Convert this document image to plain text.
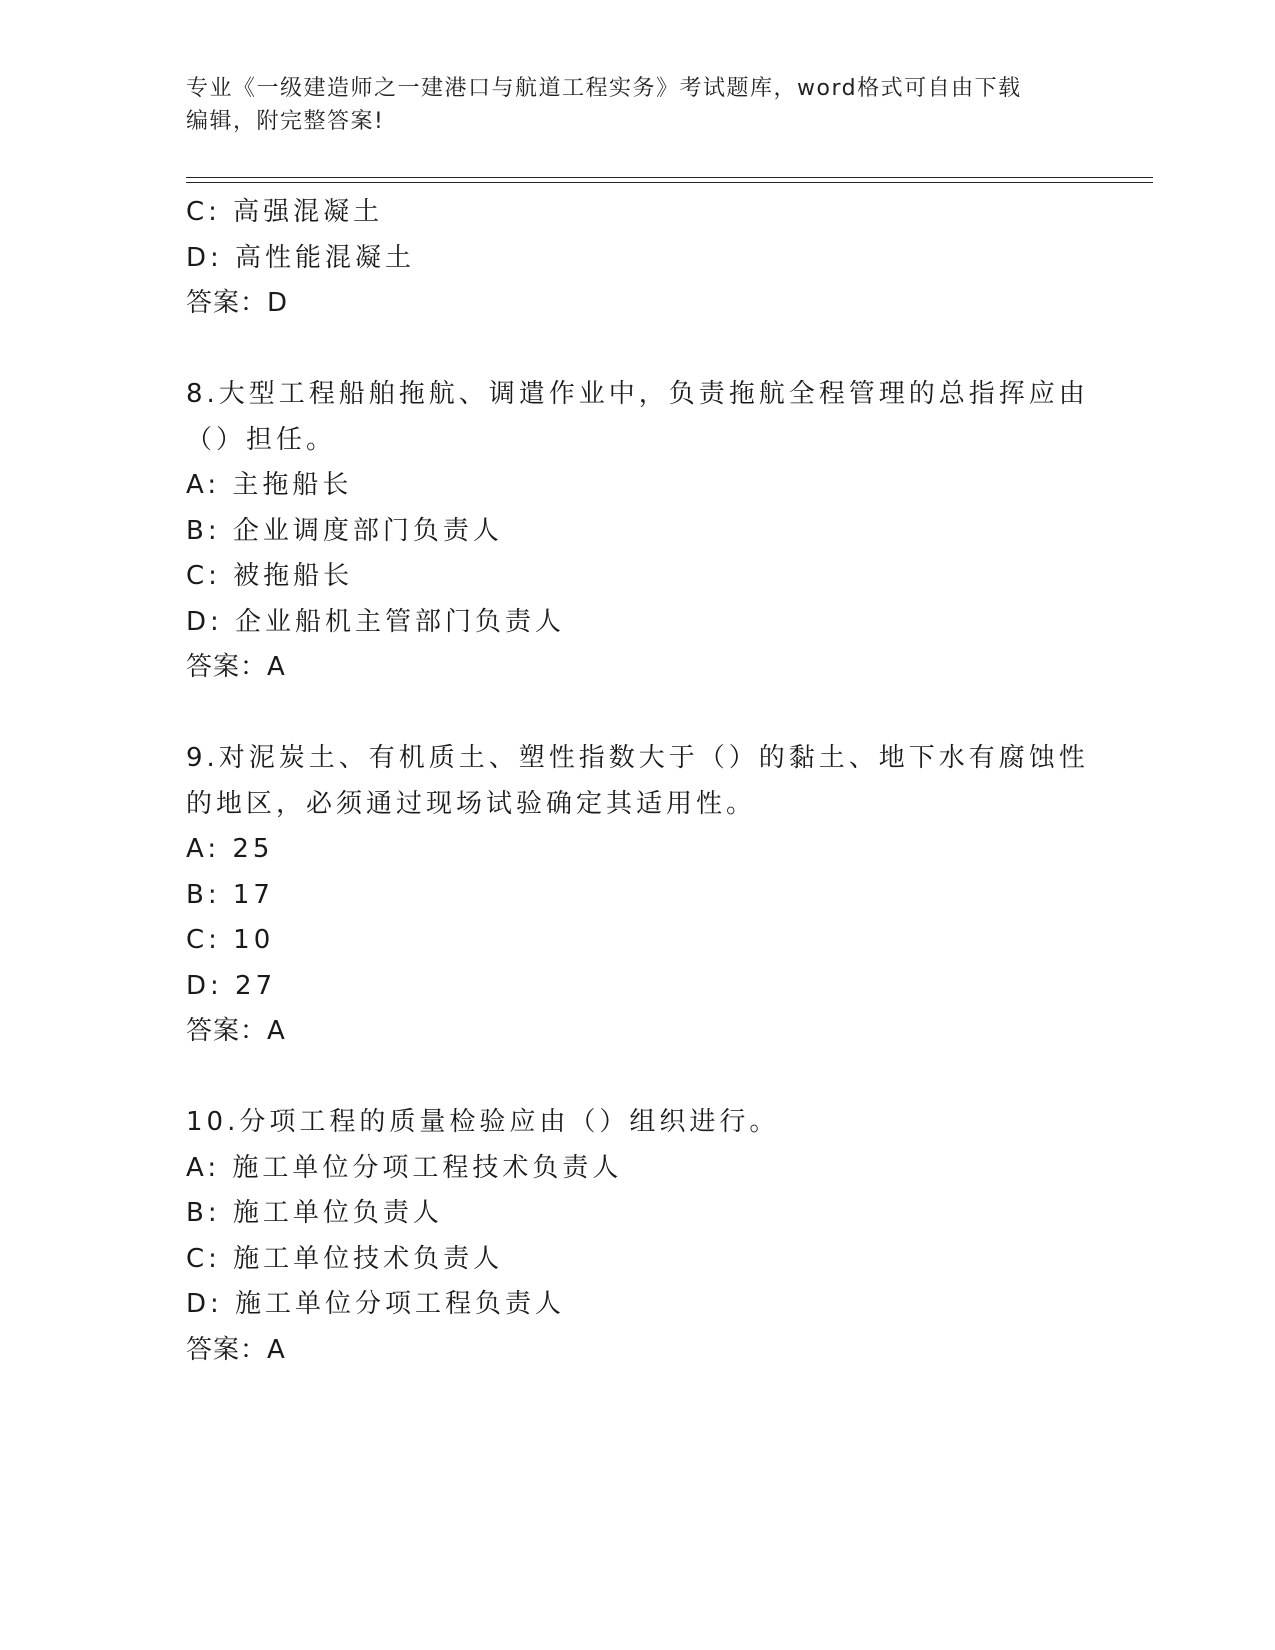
专业《一级建造师之一建港口与航道工程实务》考试题库，word格式可自由下载
编辑，附完整答案!
C: 高强混凝土
D: 高性能混凝土
答案：D
8.大型工程船舶拖航、调遣作业中，负责拖航全程管理的总指挥应由
（）担任。
A: 主拖船长
B: 企业调度部门负责人
C: 被拖船长
D: 企业船机主管部门负责人
答案：A
9.对泥炭土、有机质土、塑性指数大于（）的黏土、地下水有腐蚀性
的地区，必须通过现场试验确定其适用性。
A: 25
B: 17
C: 10
D: 27
答案：A
10.分项工程的质量检验应由（）组织进行。
A: 施工单位分项工程技术负责人
B: 施工单位负责人
C: 施工单位技术负责人
D: 施工单位分项工程负责人
答案：A
